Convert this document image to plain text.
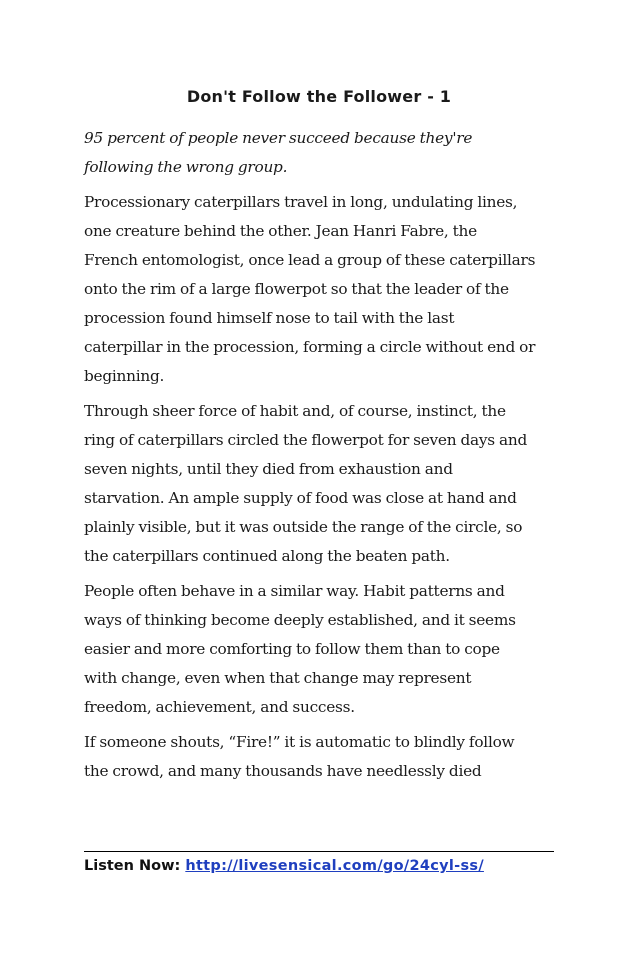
Don't Follow the Follower - 1

95 percent of people never succeed because they're
following the wrong group.

Processionary caterpillars travel in long, undulating lines,
one creature behind the other. Jean Hanri Fabre, the
French entomologist, once lead a group of these caterpillars
onto the rim of a large flowerpot so that the leader of the
procession found himself nose to tail with the last
caterpillar in the procession, forming a circle without end or
beginning.

Through sheer force of habit and, of course, instinct, the
ring of caterpillars circled the flowerpot for seven days and
seven nights, until they died from exhaustion and
starvation. An ample supply of food was close at hand and
plainly visible, but it was outside the range of the circle, so
the caterpillars continued along the beaten path.

People often behave in a similar way. Habit patterns and
ways of thinking become deeply established, and it seems
easier and more comforting to follow them than to cope
with change, even when that change may represent
freedom, achievement, and success.

If someone shouts, “Fire!” it is automatic to blindly follow
the crowd, and many thousands have needlessly died

Listen Now: http://livesensical.com/go/24cyl-ss/
